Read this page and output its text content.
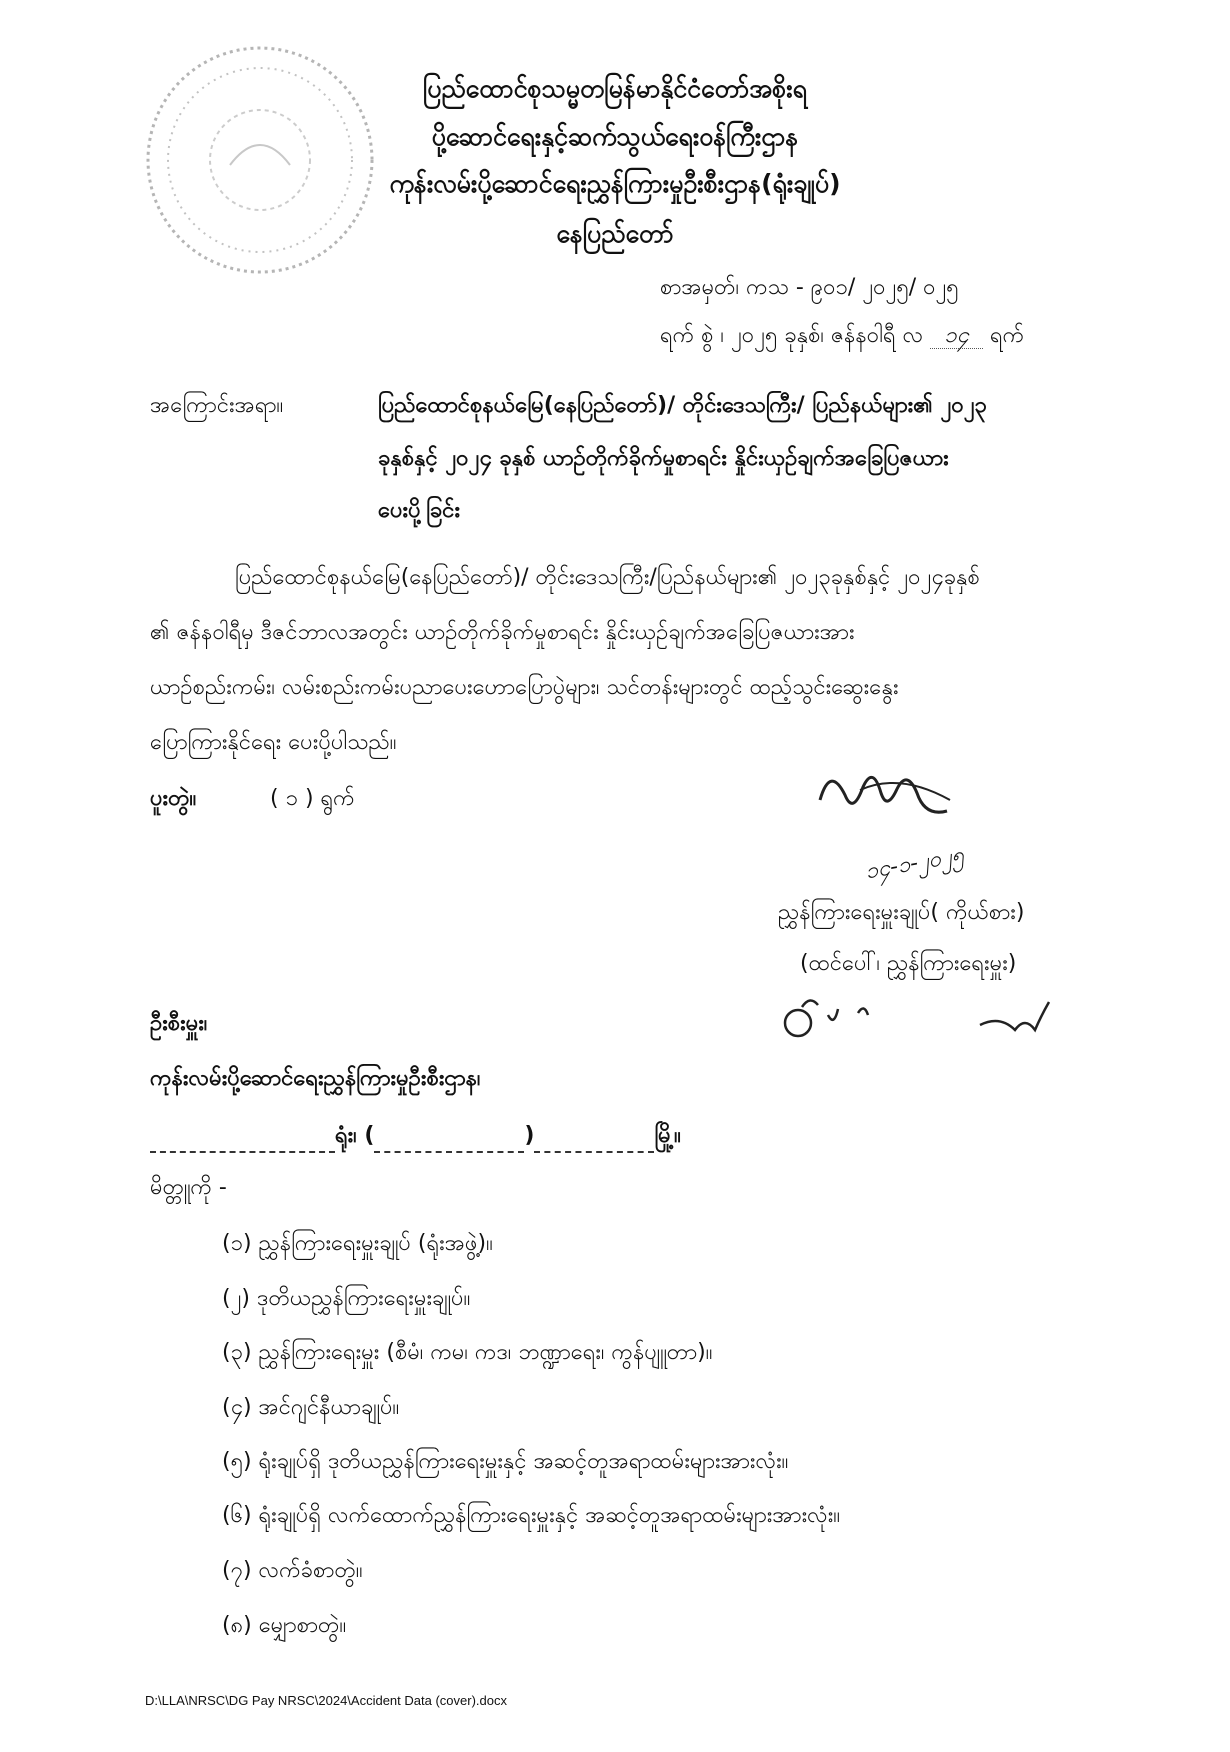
ပြည်ထောင်စုသမ္မတမြန်မာနိုင်ငံတော်အစိုးရ
ပို့ဆောင်ရေးနှင့်ဆက်သွယ်ရေးဝန်ကြီးဌာန
ကုန်းလမ်းပို့ဆောင်ရေးညွှန်ကြားမှုဦးစီးဌာန(ရုံးချုပ်)
နေပြည်တော်
စာအမှတ်၊ ကသ - ၉၀၁/ ၂၀၂၅/ ၀၂၅
ရက် စွဲ ၊ ၂၀၂၅ ခုနှစ်၊ ဇန်နဝါရီ လ ၁၄ ရက်
အကြောင်းအရာ။	ပြည်ထောင်စုနယ်မြေ(နေပြည်တော်)/ တိုင်းဒေသကြီး/ ပြည်နယ်များ၏ ၂၀၂၃
ခုနှစ်နှင့် ၂၀၂၄ ခုနှစ် ယာဉ်တိုက်ခိုက်မှုစာရင်း နှိုင်းယှဉ်ချက်အခြေပြဇယား
ပေးပို့ခြင်း
ပြည်ထောင်စုနယ်မြေ(နေပြည်တော်)/ တိုင်းဒေသကြီး/ပြည်နယ်များ၏ ၂၀၂၃ခုနှစ်နှင့် ၂၀၂၄ခုနှစ်
၏ ဇန်နဝါရီမှ ဒီဇင်ဘာလအတွင်း ယာဉ်တိုက်ခိုက်မှုစာရင်း နှိုင်းယှဉ်ချက်အခြေပြဇယားအား
ယာဉ်စည်းကမ်း၊ လမ်းစည်းကမ်းပညာပေးဟောပြောပွဲများ၊ သင်တန်းများတွင် ထည့်သွင်းဆွေးနွေး
ပြောကြားနိုင်ရေး ပေးပို့ပါသည်။
ပူးတွဲ။	( ၁ ) ရွက်
၁၄-၁-၂၀၂၅
ညွှန်ကြားရေးမှူးချုပ်( ကိုယ်စား)
(ထင်ပေါ်၊ ညွှန်ကြားရေးမှူး)
ဦးစီးမှူး၊
ကုန်းလမ်းပို့ဆောင်ရေးညွှန်ကြားမှုဦးစီးဌာန၊
ရုံး၊ (	)	မြို့။
မိတ္တူကို -
(၁) ညွှန်ကြားရေးမှူးချုပ် (ရုံးအဖွဲ့)။
(၂) ဒုတိယညွှန်ကြားရေးမှူးချုပ်။
(၃) ညွှန်ကြားရေးမှူး (စီမံ၊ ကမ၊ ကဒ၊ ဘဏ္ဍာရေး၊ ကွန်ပျူတာ)။
(၄) အင်ဂျင်နီယာချုပ်။
(၅) ရုံးချုပ်ရှိ ဒုတိယညွှန်ကြားရေးမှူးနှင့် အဆင့်တူအရာထမ်းများအားလုံး။
(၆) ရုံးချုပ်ရှိ လက်ထောက်ညွှန်ကြားရေးမှူးနှင့် အဆင့်တူအရာထမ်းများအားလုံး။
(၇) လက်ခံစာတွဲ။
(၈) မျှောစာတွဲ။
D:\LLA\NRSC\DG Pay NRSC\2024\Accident Data (cover).docx
